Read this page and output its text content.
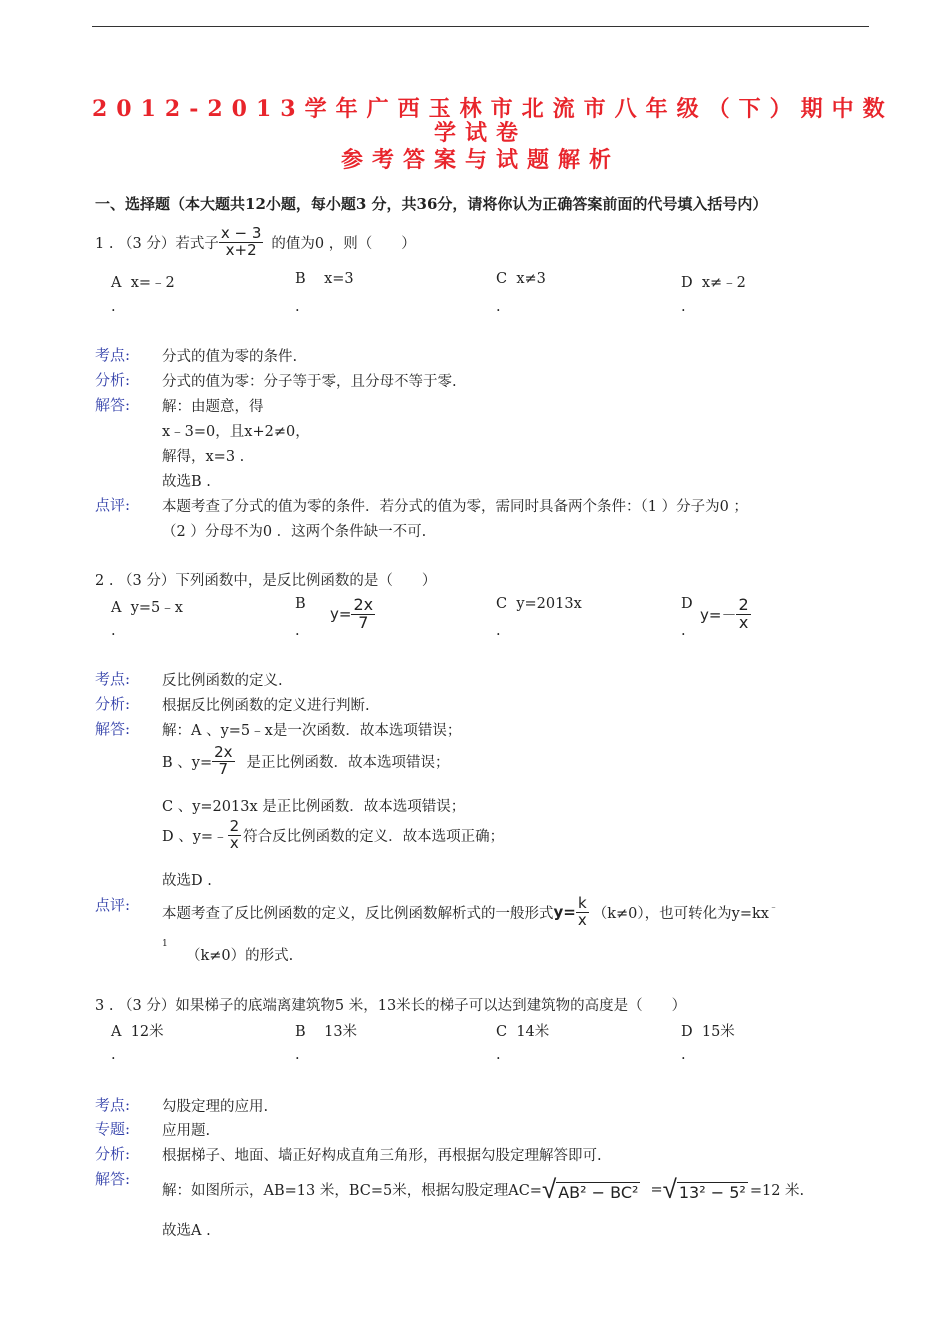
2012-2013学年广西玉林市北流市八年级（下）期中数
学试卷
参考答案与试题解析
一、选择题（本大题共12小题，每小题3 分，共36分，请将你认为正确答案前面的代号填入括号内）
1 . （3 分）若式子 $\frac{x - 3}{x+2}$ 的值为0 ，则（　　）
A x=﹣2
.
B x=3
.
C x≠3
.
D x≠﹣2
.
考点: 分式的值为零的条件.
分析: 分式的值为零：分子等于零，且分母不等于零.
解答: 解：由题意，得
x﹣3=0，且x+2≠0，
解得，x=3 .
故选B .
点评: 本题考查了分式的值为零的条件．若分式的值为零，需同时具备两个条件：（1 ）分子为0 ；
（2 ）分母不为0 ．这两个条件缺一不可.
2 . （3 分）下列函数中，是反比例函数的是（　　）
A y=5﹣x
.
B
.
$y= \frac{2x}{7}$	C y=2013x
.
D
.
$y=- \frac{2}{x}$
考点: 反比例函数的定义.
分析: 根据反比例函数的定义进行判断.
解答: 解：A 、y=5﹣x是一次函数．故本选项错误；
B 、$y= \frac{2x}{7}$ 是正比例函数．故本选项错误；
C 、y=2013x 是正比例函数．故本选项错误；
D 、y=﹣ $\frac{2}{x}$ 符合反比例函数的定义．故本选项正确；
故选D .
点评: 本题考查了反比例函数的定义，反比例函数解析式的一般形式 $y= \frac{k}{x} (k\ne 0)$，也可转化为y=kx ﹣
1
（k≠0）的形式.
3 . （3 分）如果梯子的底端离建筑物5 米，13米长的梯子可以达到建筑物的高度是（　　）
A 12米
.
B 13米
.
C 14米
.
D 15米
.
考点: 勾股定理的应用.
专题: 应用题.
分析: 根据梯子、地面、墙正好构成直角三角形，再根据勾股定理解答即可.
解答:
解：如图所示，AB=13 米，BC=5米，根据勾股定理AC= √ AB² − BC² = √ 13² − 5² =12 米.
故选A .
